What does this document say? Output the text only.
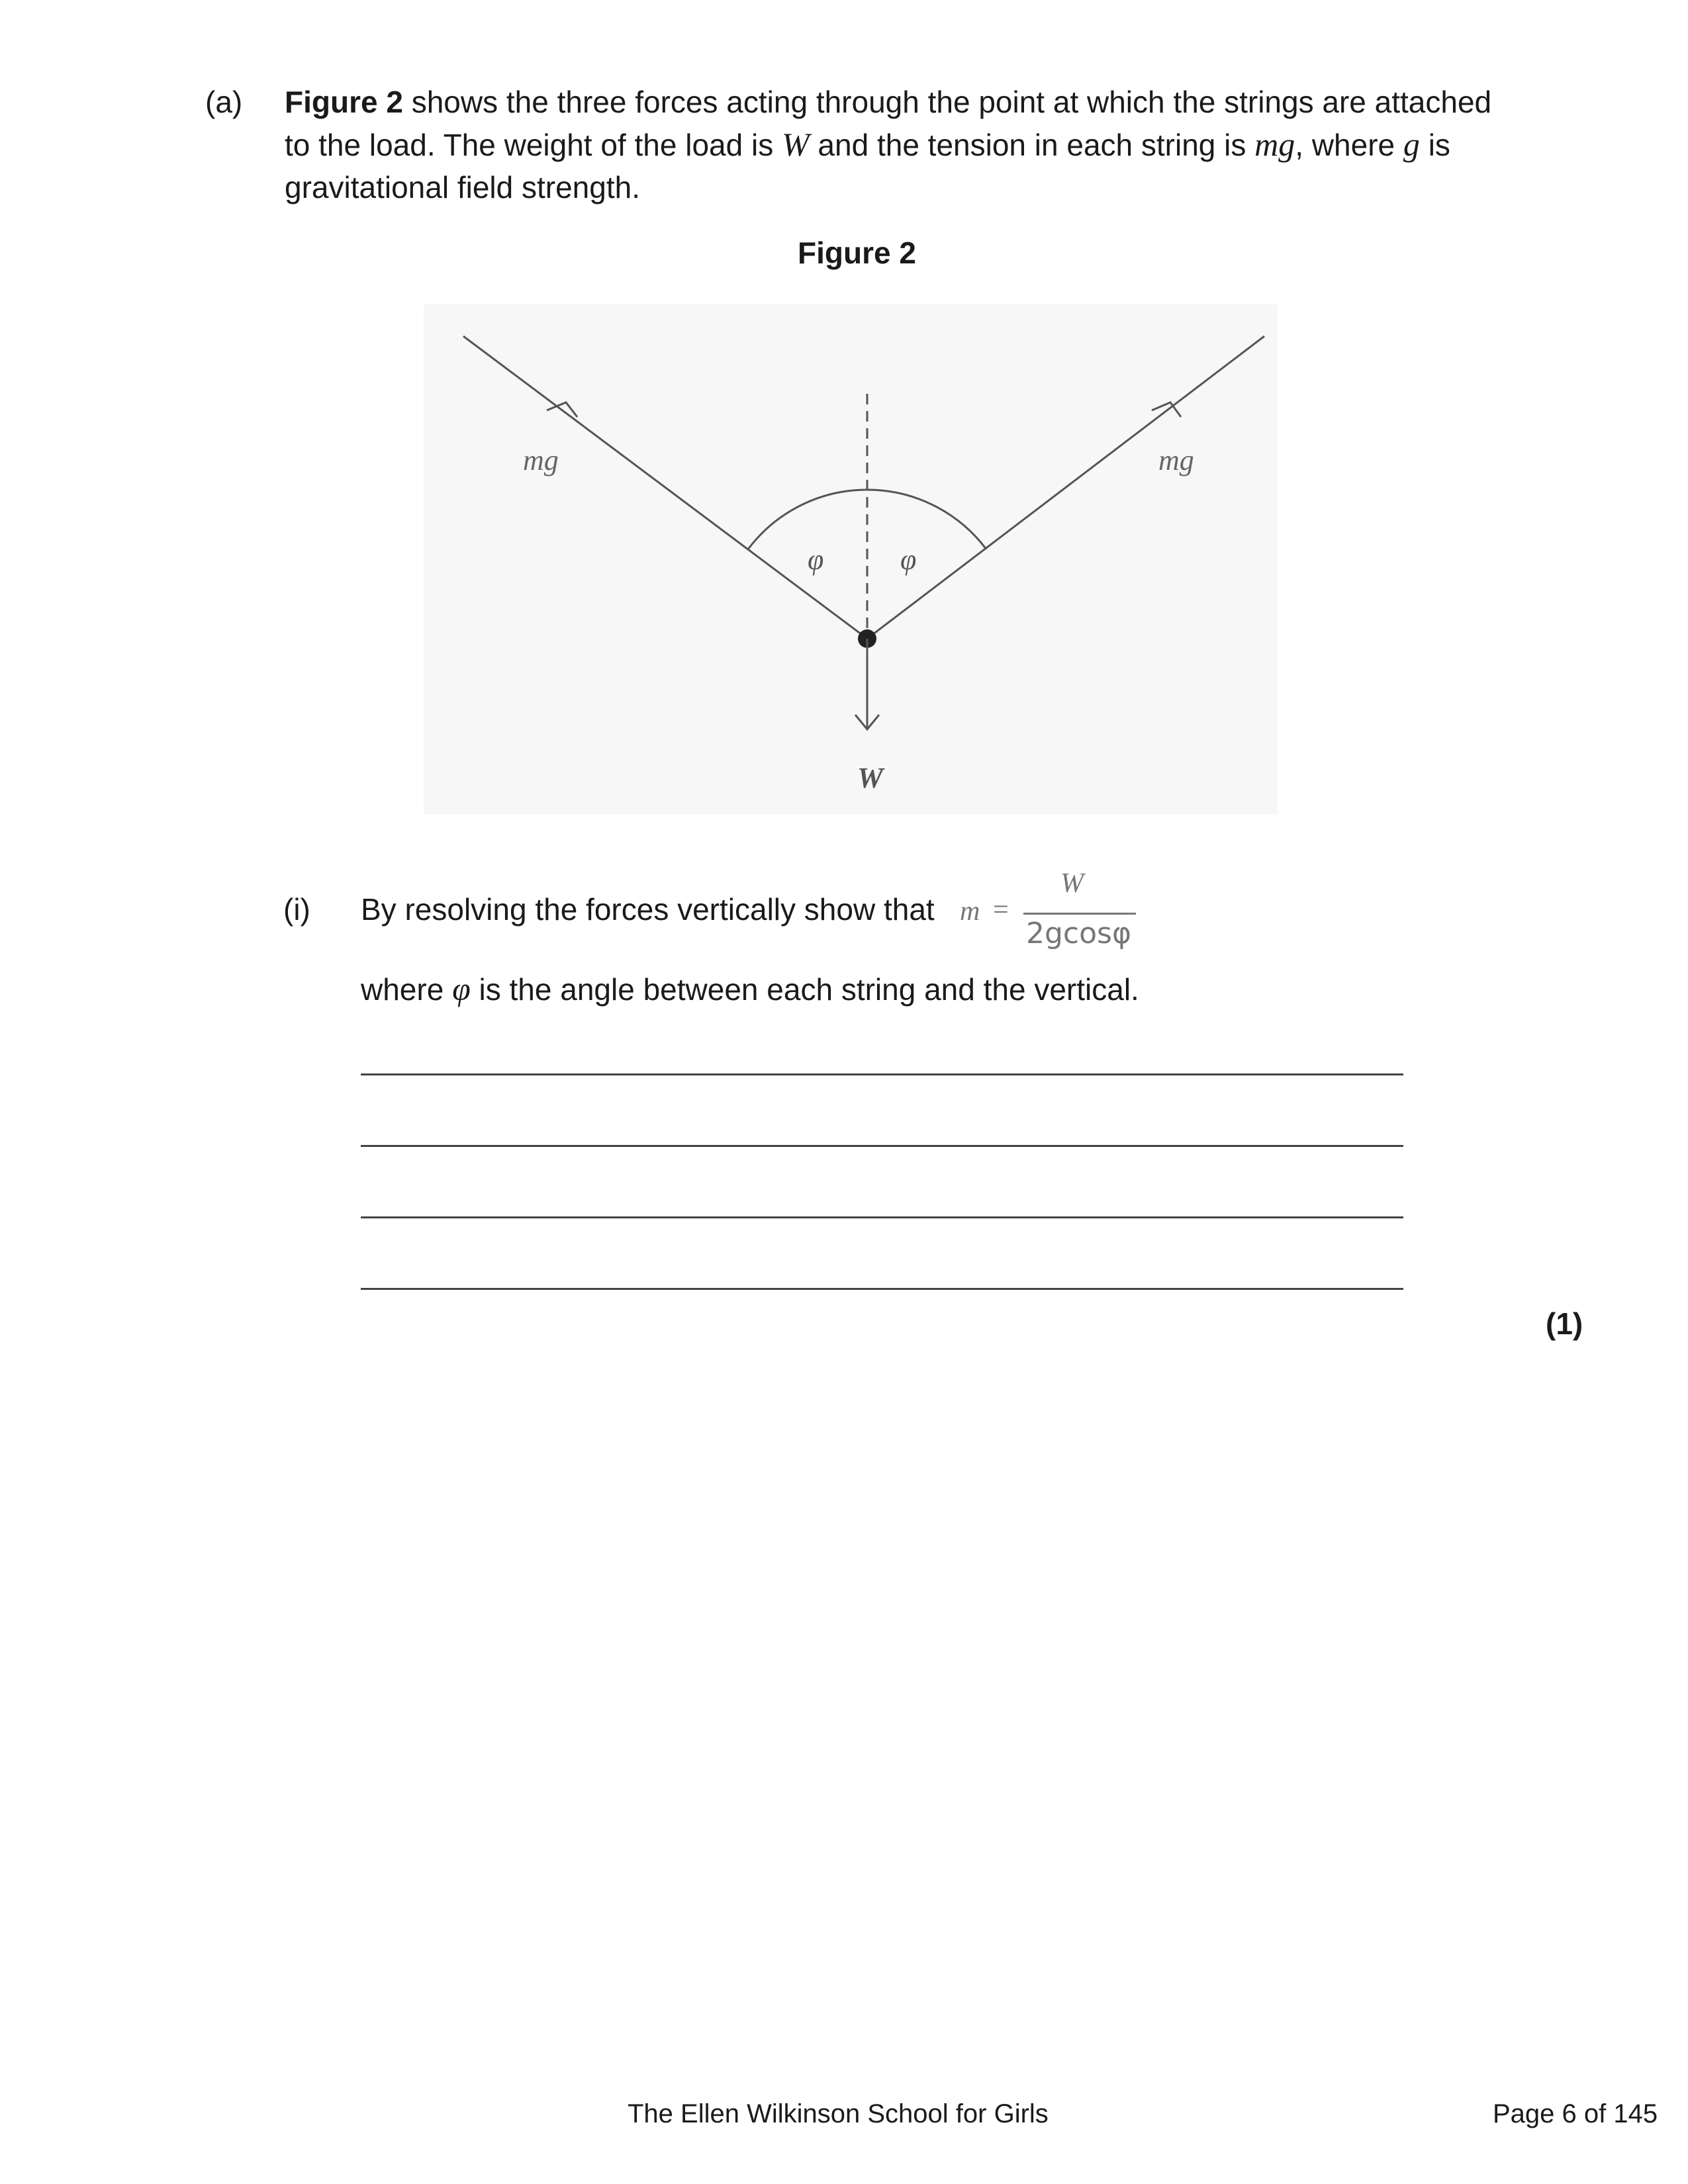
(a) Figure 2 shows the three forces acting through the point at which the strings are attached
to the load. The weight of the load is W and the tension in each string is mg, where g is
gravitational field strength.
Figure 2
mg	mg
φ	φ
W
(i) By resolving the forces vertically show that m =
W
2gcosφ
where φ is the angle between each string and the vertical.
(1)
The Ellen Wilkinson School for Girls	Page 6 of 145
